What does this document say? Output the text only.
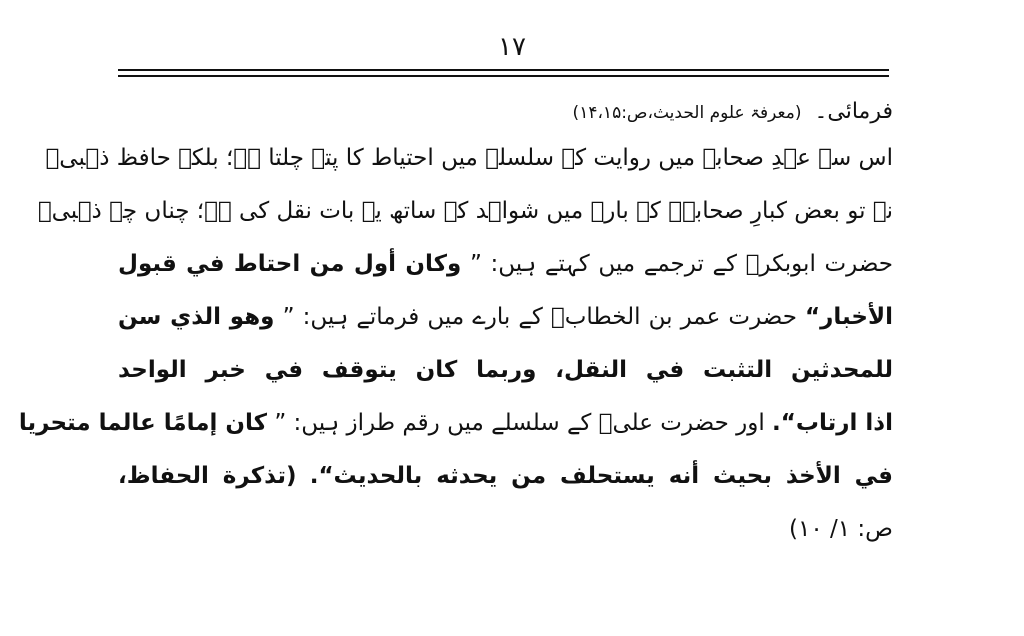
۱۷
فرمائی۔ (معرفۃ علوم الحدیث،ص:۱۴،۱۵)
اس سے عہدِ صحابہ میں روایت کے سلسلے میں احتیاط کا پتہ چلتا ہے؛ بلکہ حافظ ذہبیؒ
نے تو بعض کبارِ صحابہؓ کے بارے میں شواہد کے ساتھ یہ بات نقل کی ہے؛ چناں چہ ذہبیؒ
حضرت ابوبکرؓ کے ترجمے میں کہتے ہیں: ” وكان أول من احتاط في قبول
الأخبار“ حضرت عمر بن الخطابؓ کے بارے میں فرماتے ہیں: ” وهو الذي سن
للمحدثين التثبت في النقل، وربما كان يتوقف في خبر الواحد
اذا ارتاب“. اور حضرت علیؓ کے سلسلے میں رقم طراز ہیں: ” كان إمامًا عالما متحريا
في الأخذ بحيث أنه يستحلف من يحدثه بالحديث“. (تذكرة الحفاظ،
ص: ۱/ ۱۰)
